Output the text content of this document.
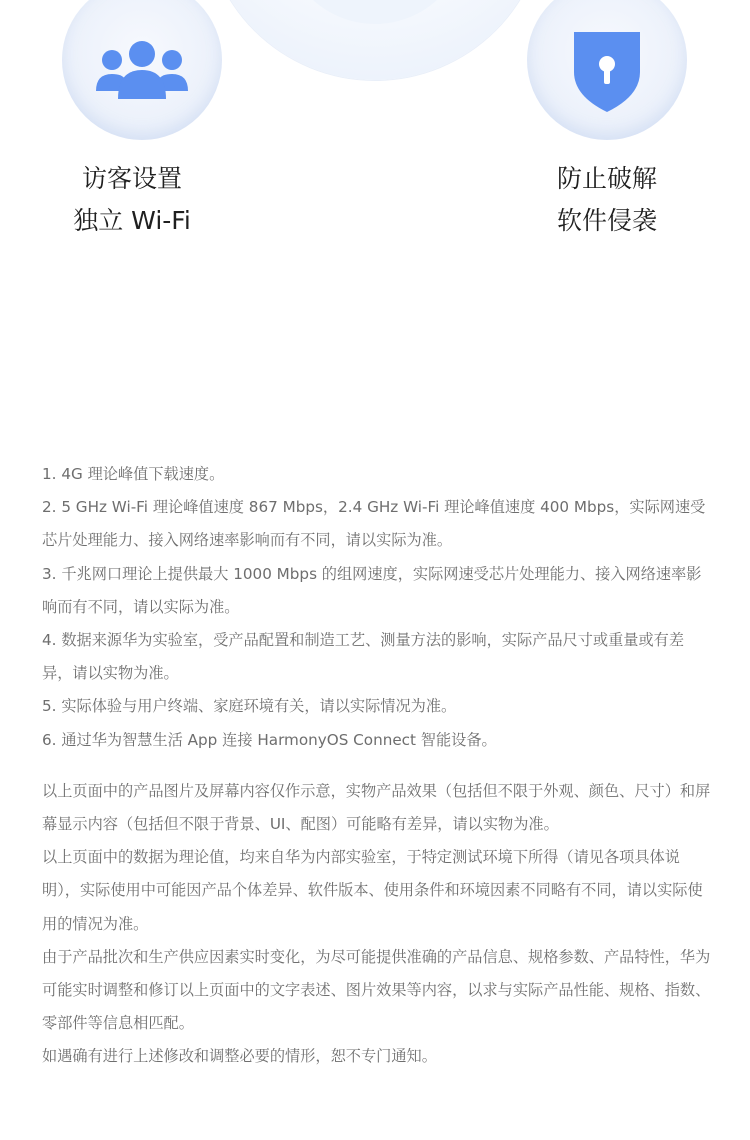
访客设置
独立 Wi-Fi
防止破解
软件侵袭

1. 4G 理论峰值下载速度。

2. 5 GHz Wi-Fi 理论峰值速度 867 Mbps，2.4 GHz Wi-Fi 理论峰值速度 400 Mbps，实际网速受芯片处理能力、接入网络速率影响而有不同，请以实际为准。

3. 千兆网口理论上提供最大 1000 Mbps 的组网速度，实际网速受芯片处理能力、接入网络速率影响而有不同，请以实际为准。

4. 数据来源华为实验室，受产品配置和制造工艺、测量方法的影响，实际产品尺寸或重量或有差异，请以实物为准。

5. 实际体验与用户终端、家庭环境有关，请以实际情况为准。

6. 通过华为智慧生活 App 连接 HarmonyOS Connect 智能设备。

以上页面中的产品图片及屏幕内容仅作示意，实物产品效果（包括但不限于外观、颜色、尺寸）和屏幕显示内容（包括但不限于背景、UI、配图）可能略有差异，请以实物为准。

以上页面中的数据为理论值，均来自华为内部实验室，于特定测试环境下所得（请见各项具体说明），实际使用中可能因产品个体差异、软件版本、使用条件和环境因素不同略有不同，请以实际使用的情况为准。

由于产品批次和生产供应因素实时变化，为尽可能提供准确的产品信息、规格参数、产品特性，华为可能实时调整和修订以上页面中的文字表述、图片效果等内容，以求与实际产品性能、规格、指数、零部件等信息相匹配。

如遇确有进行上述修改和调整必要的情形，恕不专门通知。
